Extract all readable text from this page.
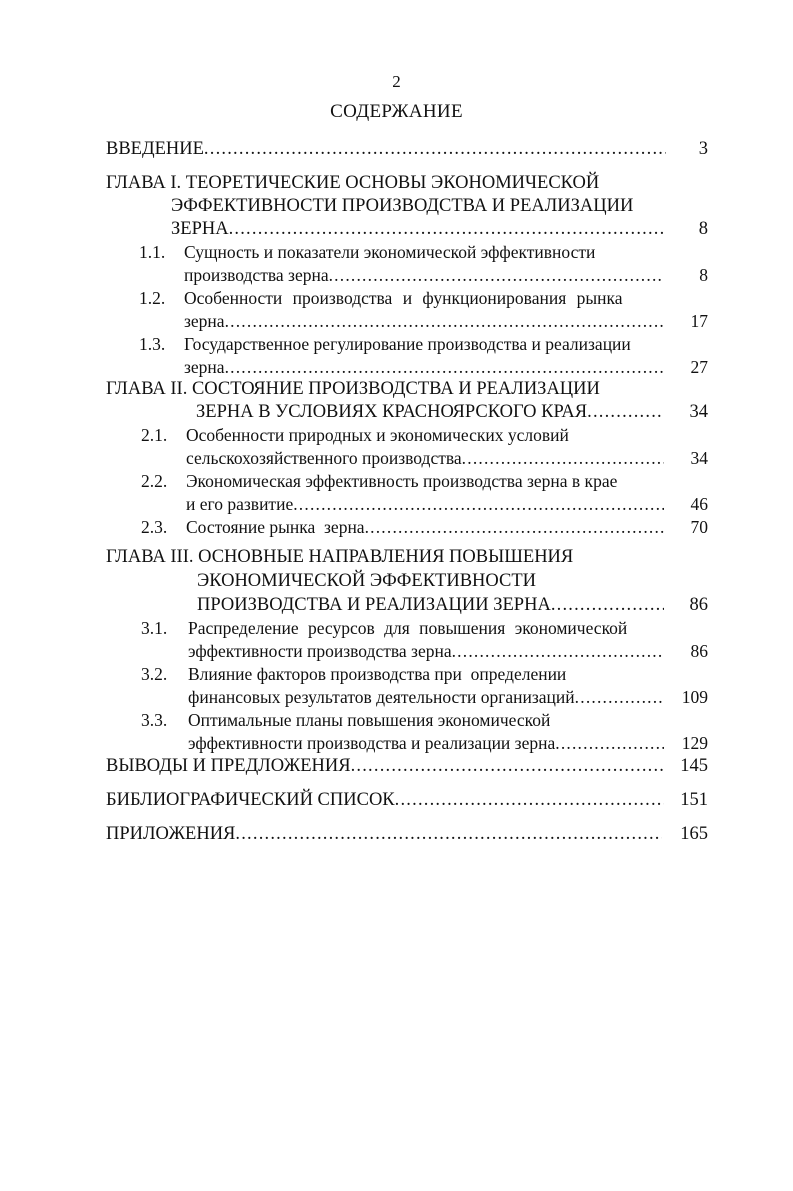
2
СОДЕРЖАНИЕ
ВВЕДЕНИЕ .....	3
ГЛАВА I. ТЕОРЕТИЧЕСКИЕ ОСНОВЫ ЭКОНОМИЧЕСКОЙ
ЭФФЕКТИВНОСТИ ПРОИЗВОДСТВА И РЕАЛИЗАЦИИ
ЗЕРНА .....	8
1.1. Сущность и показатели экономической эффективности
производства зерна .....	8
1.2. Особенности производства и функционирования рынка
зерна .....	17
1.3. Государственное регулирование производства и реализации
зерна .....	27
ГЛАВА II. СОСТОЯНИЕ ПРОИЗВОДСТВА И РЕАЛИЗАЦИИ
ЗЕРНА В УСЛОВИЯХ КРАСНОЯРСКОГО КРАЯ .....	34
2.1. Особенности природных и экономических условий
сельскохозяйственного производства .....	34
2.2. Экономическая эффективность производства зерна в крае
и его развитие .....	46
2.3. Состояние рынка  зерна .....	70
ГЛАВА III. ОСНОВНЫЕ НАПРАВЛЕНИЯ ПОВЫШЕНИЯ
ЭКОНОМИЧЕСКОЙ ЭФФЕКТИВНОСТИ
ПРОИЗВОДСТВА И РЕАЛИЗАЦИИ ЗЕРНА .....	86
3.1. Распределение ресурсов для повышения экономической
эффективности производства зерна .....	86
3.2. Влияние факторов производства при  определении
финансовых результатов деятельности организаций .....	109
3.3. Оптимальные планы повышения экономической
эффективности производства и реализации зерна .....	129
ВЫВОДЫ И ПРЕДЛОЖЕНИЯ .....	145
БИБЛИОГРАФИЧЕСКИЙ СПИСОК .....	151
ПРИЛОЖЕНИЯ .....	165
